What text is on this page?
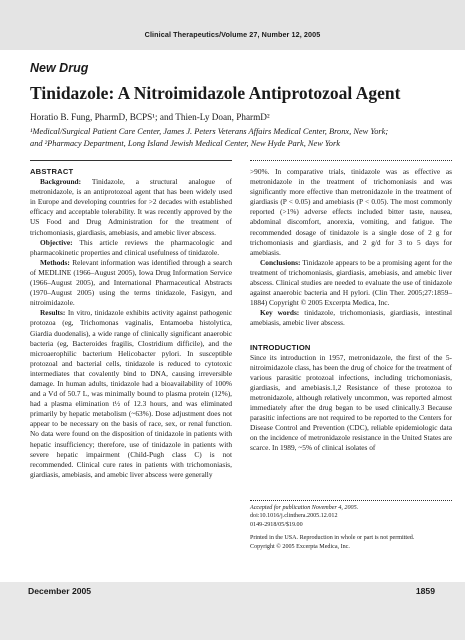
Clinical Therapeutics/Volume 27, Number 12, 2005
New Drug
Tinidazole: A Nitroimidazole Antiprotozoal Agent
Horatio B. Fung, PharmD, BCPS¹; and Thien-Ly Doan, PharmD²
¹Medical/Surgical Patient Care Center, James J. Peters Veterans Affairs Medical Center, Bronx, New York;
and ²Pharmacy Department, Long Island Jewish Medical Center, New Hyde Park, New York

ABSTRACT

Background: Tinidazole, a structural analogue of metronidazole, is an antiprotozoal agent that has been widely used in Europe and developing countries for >2 decades with established efficacy and acceptable tolerability. It was recently approved by the US Food and Drug Administration for the treatment of trichomoniasis, giardiasis, amebiasis, and amebic liver abscess.

Objective: This article reviews the pharmacologic and pharmacokinetic properties and clinical usefulness of tinidazole.

Methods: Relevant information was identified through a search of MEDLINE (1966–August 2005), Iowa Drug Information Service (1966–August 2005), and International Pharmaceutical Abstracts (1970–August 2005) using the terms tinidazole, Fasigyn, and nitroimidazole.

Results: In vitro, tinidazole exhibits activity against pathogenic protozoa (eg, Trichomonas vaginalis, Entamoeba histolytica, Giardia duodenalis), a wide range of clinically significant anaerobic bacteria (eg, Bacteroides fragilis, Clostridium difficile), and the microaerophilic bacterium Helicobacter pylori. In susceptible protozoal and bacterial cells, tinidazole is reduced to cytotoxic intermediates that covalently bind to DNA, causing irreversible damage. In human adults, tinidazole had a bioavailability of 100% and a Vd of 50.7 L, was minimally bound to plasma protein (12%), had a plasma elimination t½ of 12.3 hours, and was eliminated primarily by hepatic metabolism (~63%). Dose adjustment does not appear to be necessary on the basis of race, sex, or renal function. No data were found on the disposition of tinidazole in patients with hepatic insufficiency; therefore, use of tinidazole in patients with severe hepatic impairment (Child-Pugh class C) is not recommended. Clinical cure rates in patients with trichomoniasis, giardiasis, amebiasis, and amebic liver abscess were generally

>90%. In comparative trials, tinidazole was as effective as metronidazole in the treatment of trichomoniasis and was significantly more effective than metronidazole in the treatment of giardiasis (P < 0.05) and amebiasis (P < 0.05). The most commonly reported (>1%) adverse effects included bitter taste, nausea, abdominal discomfort, anorexia, vomiting, and fatigue. The recommended dosage of tinidazole is a single dose of 2 g for trichomoniasis and giardiasis, and 2 g/d for 3 to 5 days for amebiasis.

Conclusions: Tinidazole appears to be a promising agent for the treatment of trichomoniasis, giardiasis, amebiasis, and amebic liver abscess. Clinical studies are needed to evaluate the use of tinidazole against anaerobic bacteria and H pylori. (Clin Ther. 2005;27:1859–1884) Copyright © 2005 Excerpta Medica, Inc.

Key words: tinidazole, trichomoniasis, giardiasis, intestinal amebiasis, amebic liver abscess.

INTRODUCTION

Since its introduction in 1957, metronidazole, the first of the 5-nitroimidazole class, has been the drug of choice for the treatment of various parasitic protozoal infections, including trichomoniasis, giardiasis, and amebiasis.1,2 Resistance of these protozoa to metronidazole, although relatively uncommon, was reported almost immediately after the drug began to be used clinically.3 Because parasitic infections are not required to be reported to the Centers for Disease Control and Prevention (CDC), reliable epidemiologic data on the incidence of metronidazole resistance in the United States are scarce. In 1989, ~5% of clinical isolates of

Accepted for publication November 4, 2005.
doi:10.1016/j.clinthera.2005.12.012
0149-2918/05/$19.00
Printed in the USA. Reproduction in whole or part is not permitted.
Copyright © 2005 Excerpta Medica, Inc.
December 2005	1859
